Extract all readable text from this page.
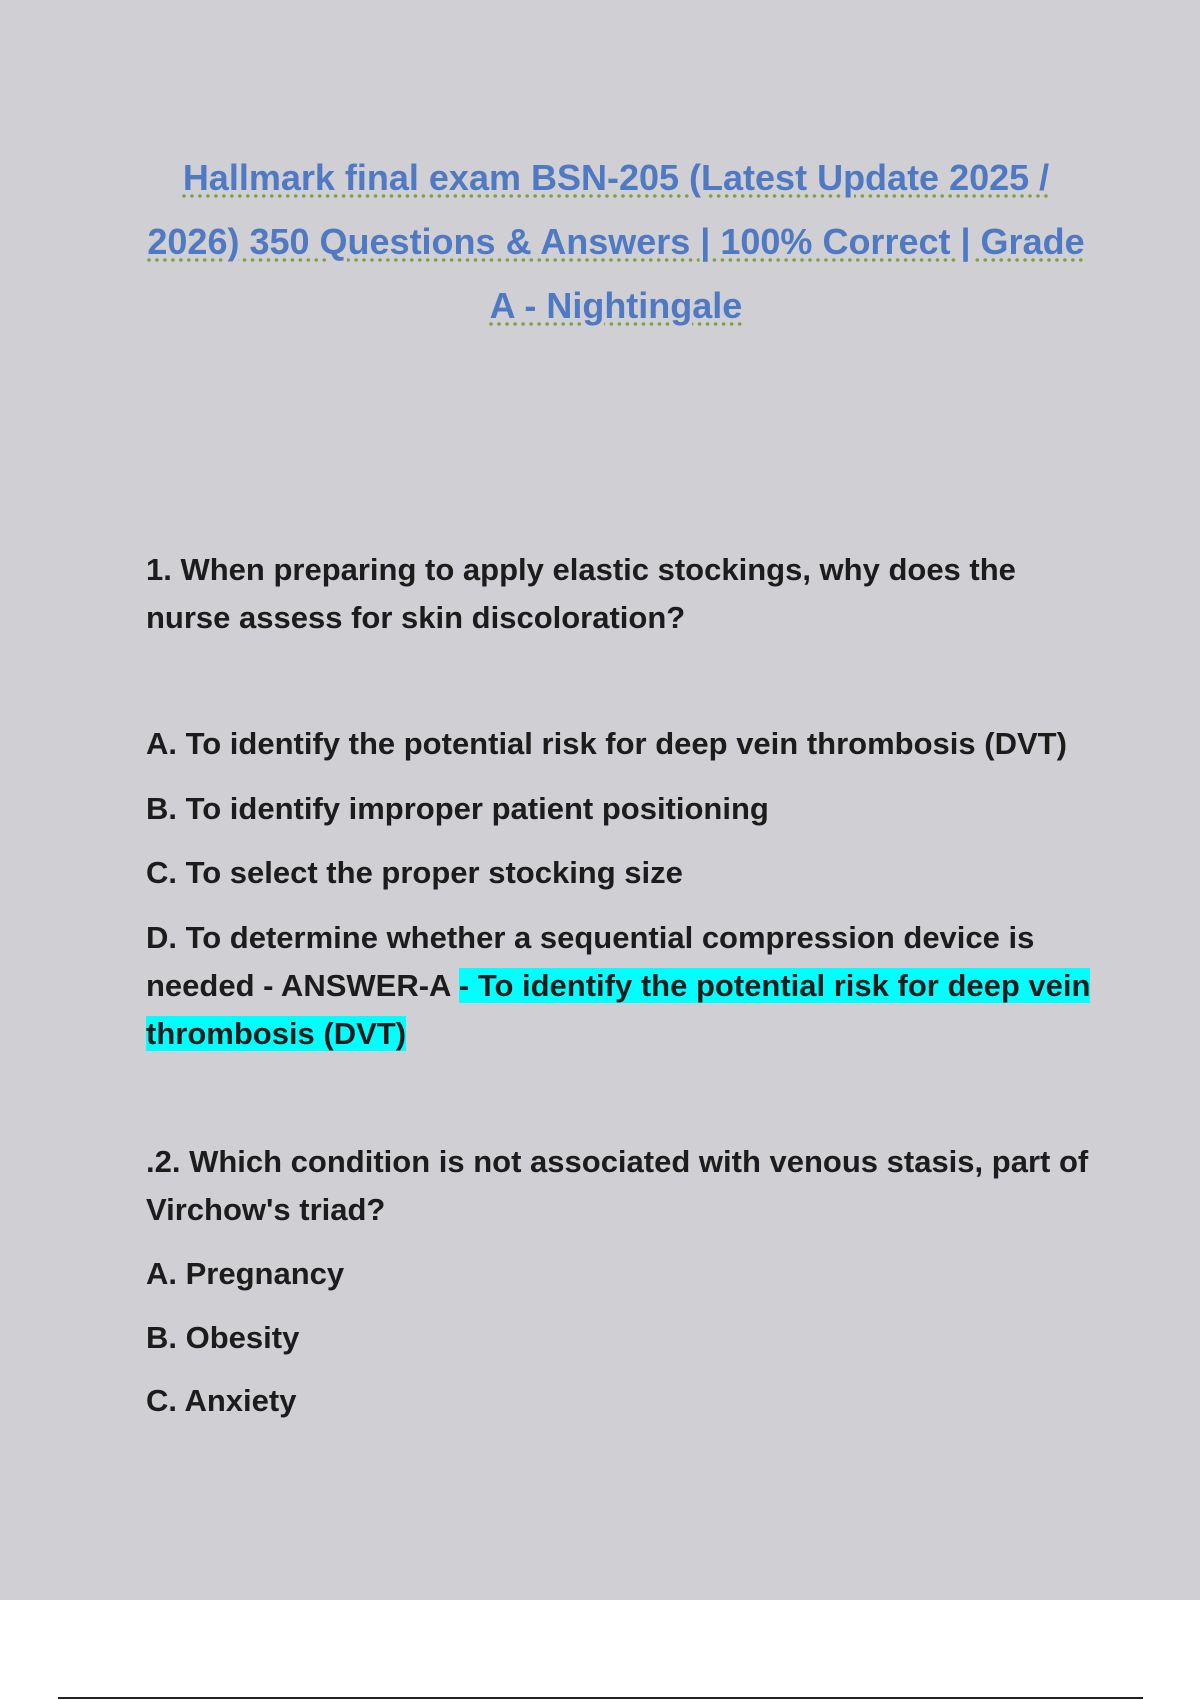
Hallmark final exam BSN-205 (Latest Update 2025 / 2026) 350 Questions & Answers | 100% Correct | Grade A - Nightingale

1. When preparing to apply elastic stockings, why does the nurse assess for skin discoloration?

A. To identify the potential risk for deep vein thrombosis (DVT)

B. To identify improper patient positioning

C. To select the proper stocking size

D. To determine whether a sequential compression device is needed - ANSWER-A - To identify the potential risk for deep vein thrombosis (DVT)

.2. Which condition is not associated with venous stasis, part of Virchow's triad?

A. Pregnancy

B. Obesity

C. Anxiety
